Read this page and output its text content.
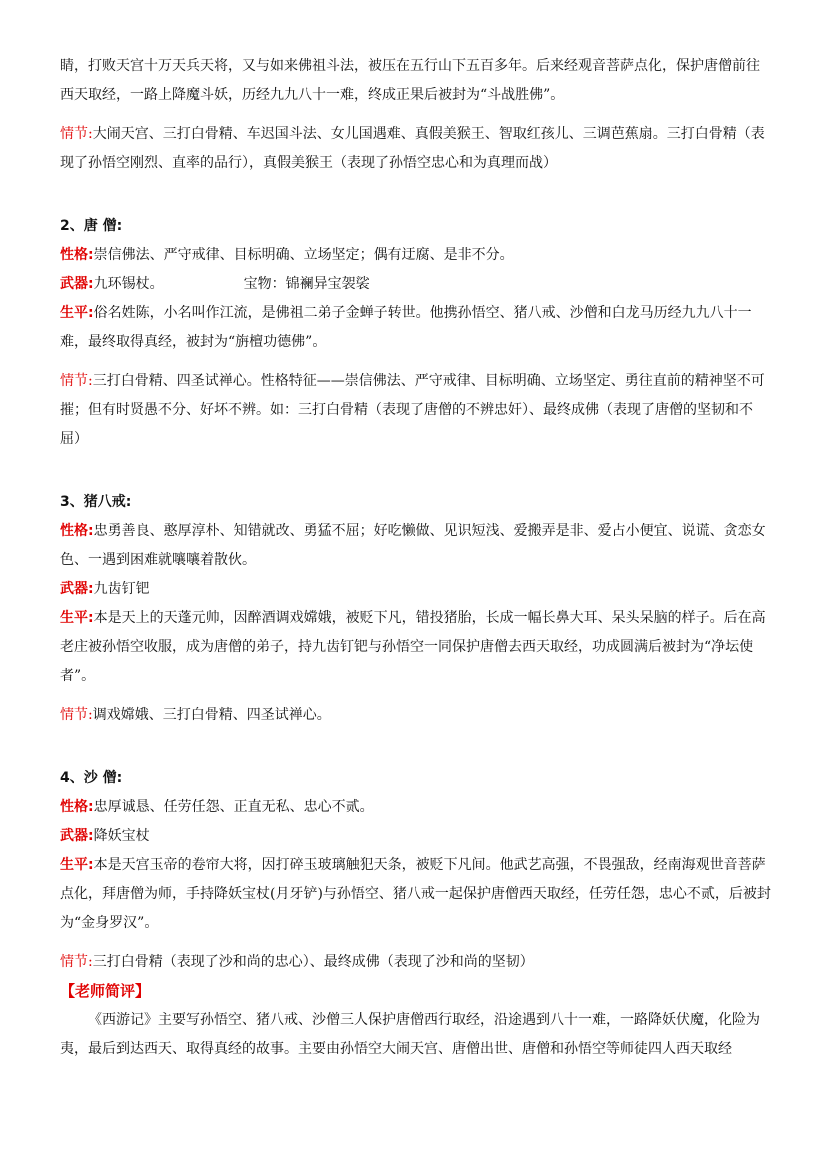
睛，打败天宫十万天兵天将，又与如来佛祖斗法，被压在五行山下五百多年。后来经观音菩萨点化，保护唐僧前往西天取经，一路上降魔斗妖，历经九九八十一难，终成正果后被封为“斗战胜佛”。

情节:大闹天宫、三打白骨精、车迟国斗法、女儿国遇难、真假美猴王、智取红孩儿、三调芭蕉扇。三打白骨精（表现了孙悟空刚烈、直率的品行），真假美猴王（表现了孙悟空忠心和为真理而战）

2、唐 僧:

性格:崇信佛法、严守戒律、目标明确、立场坚定；偶有迂腐、是非不分。

武器:九环锡杖。	宝物：锦襕异宝袈裟

生平:俗名姓陈，小名叫作江流，是佛祖二弟子金蝉子转世。他携孙悟空、猪八戒、沙僧和白龙马历经九九八十一难，最终取得真经，被封为“旃檀功德佛”。

情节:三打白骨精、四圣试禅心。性格特征——崇信佛法、严守戒律、目标明确、立场坚定、勇往直前的精神坚不可摧；但有时贤愚不分、好坏不辨。如：三打白骨精（表现了唐僧的不辨忠奸）、最终成佛（表现了唐僧的坚韧和不屈）

3、猪八戒:

性格:忠勇善良、憨厚淳朴、知错就改、勇猛不屈；好吃懒做、见识短浅、爱搬弄是非、爱占小便宜、说谎、贪恋女色、一遇到困难就嚷嚷着散伙。

武器:九齿钉钯

生平:本是天上的天蓬元帅，因醉酒调戏嫦娥，被贬下凡，错投猪胎，长成一幅长鼻大耳、呆头呆脑的样子。后在高老庄被孙悟空收服，成为唐僧的弟子，持九齿钉钯与孙悟空一同保护唐僧去西天取经，功成圆满后被封为“净坛使者”。

情节:调戏嫦娥、三打白骨精、四圣试禅心。

4、沙 僧:

性格:忠厚诚恳、任劳任怨、正直无私、忠心不贰。

武器:降妖宝杖

生平:本是天宫玉帝的卷帘大将，因打碎玉玻璃触犯天条，被贬下凡间。他武艺高强，不畏强敌，经南海观世音菩萨点化，拜唐僧为师，手持降妖宝杖(月牙铲)与孙悟空、猪八戒一起保护唐僧西天取经，任劳任怨，忠心不贰，后被封为“金身罗汉”。

情节:三打白骨精（表现了沙和尚的忠心）、最终成佛（表现了沙和尚的坚韧）

【老师简评】

《西游记》主要写孙悟空、猪八戒、沙僧三人保护唐僧西行取经，沿途遇到八十一难，一路降妖伏魔，化险为夷，最后到达西天、取得真经的故事。主要由孙悟空大闹天宫、唐僧出世、唐僧和孙悟空等师徒四人西天取经
